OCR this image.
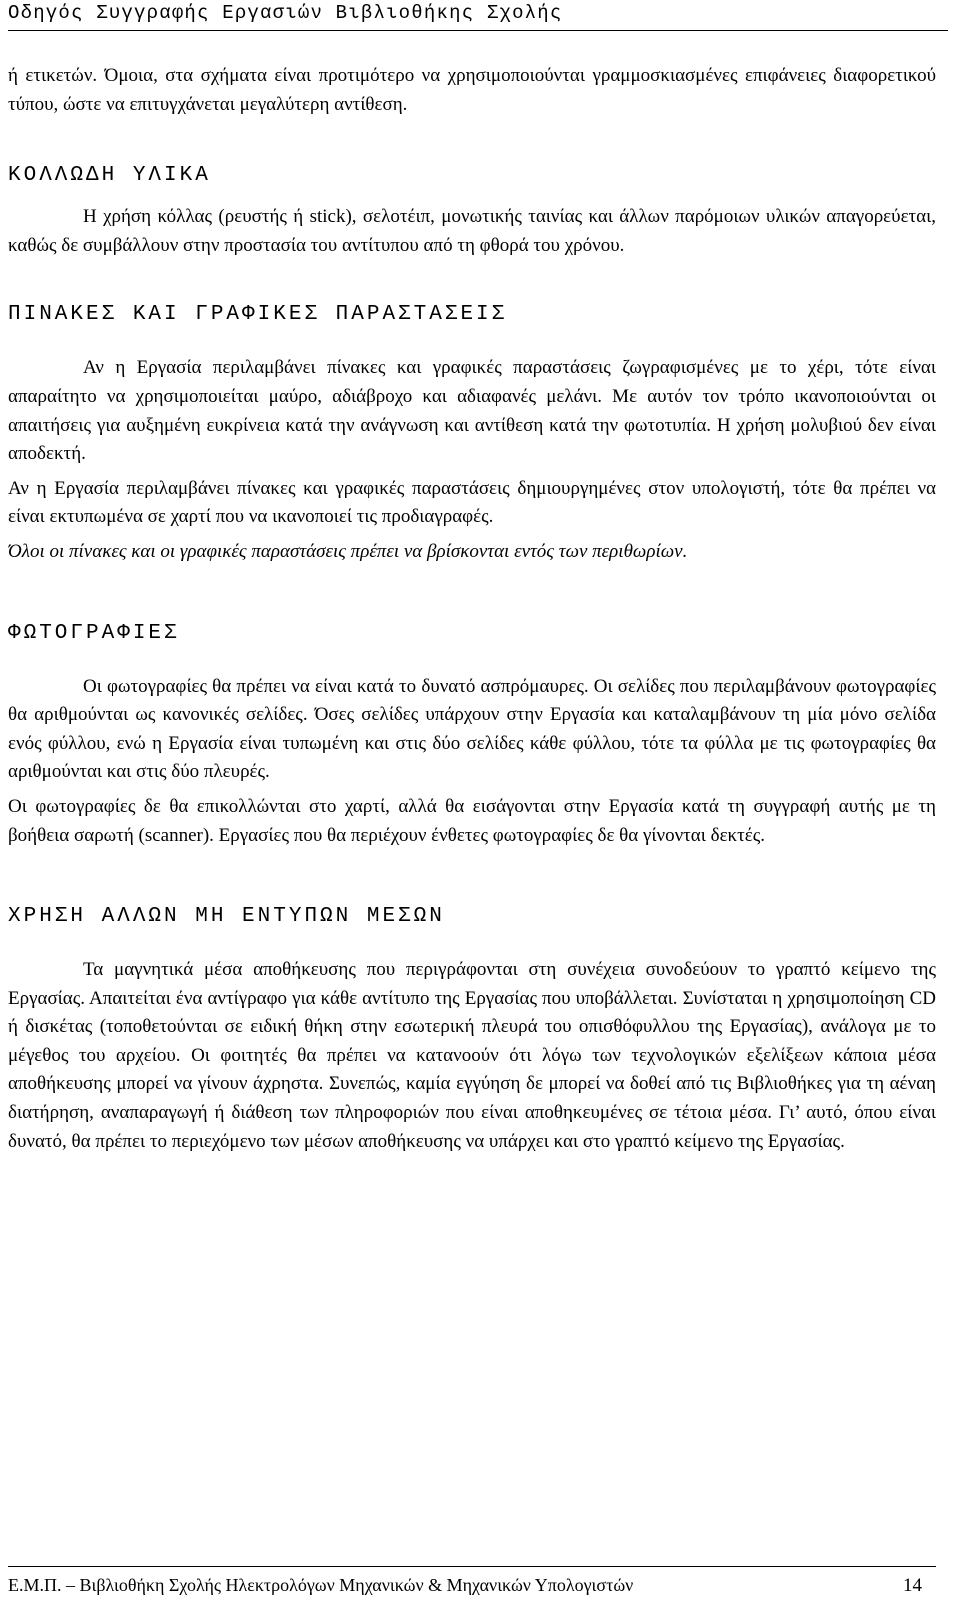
Οδηγός Συγγραφής Εργασιών Βιβλιοθήκης Σχολής

ή ετικετών. Όμοια, στα σχήματα είναι προτιμότερο να χρησιμοποιούνται γραμμοσκιασμένες επιφάνειες διαφορετικού τύπου, ώστε να επιτυγχάνεται μεγαλύτερη αντίθεση.

ΚΟΛΛΩΔΗ ΥΛΙΚΑ

Η χρήση κόλλας (ρευστής ή stick), σελοτέιπ, μονωτικής ταινίας και άλλων παρόμοιων υλικών απαγορεύεται, καθώς δε συμβάλλουν στην προστασία του αντίτυπου από τη φθορά του χρόνου.

ΠΙΝΑΚΕΣ ΚΑΙ ΓΡΑΦΙΚΕΣ ΠΑΡΑΣΤΑΣΕΙΣ

Αν η Εργασία περιλαμβάνει πίνακες και γραφικές παραστάσεις ζωγραφισμένες με το χέρι, τότε είναι απαραίτητο να χρησιμοποιείται μαύρο, αδιάβροχο και αδιαφανές μελάνι. Με αυτόν τον τρόπο ικανοποιούνται οι απαιτήσεις για αυξημένη ευκρίνεια κατά την ανάγνωση και αντίθεση κατά την φωτοτυπία. Η χρήση μολυβιού δεν είναι αποδεκτή.

Αν η Εργασία περιλαμβάνει πίνακες και γραφικές παραστάσεις δημιουργημένες στον υπολογιστή, τότε θα πρέπει να είναι εκτυπωμένα σε χαρτί που να ικανοποιεί τις προδιαγραφές.

Όλοι οι πίνακες και οι γραφικές παραστάσεις πρέπει να βρίσκονται εντός των περιθωρίων.

ΦΩΤΟΓΡΑΦΙΕΣ

Οι φωτογραφίες θα πρέπει να είναι κατά το δυνατό ασπρόμαυρες. Οι σελίδες που περιλαμβάνουν φωτογραφίες θα αριθμούνται ως κανονικές σελίδες. Όσες σελίδες υπάρχουν στην Εργασία και καταλαμβάνουν τη μία μόνο σελίδα ενός φύλλου, ενώ η Εργασία είναι τυπωμένη και στις δύο σελίδες κάθε φύλλου, τότε τα φύλλα με τις φωτογραφίες θα αριθμούνται και στις δύο πλευρές.

Οι φωτογραφίες δε θα επικολλώνται στο χαρτί, αλλά θα εισάγονται στην Εργασία κατά τη συγγραφή αυτής με τη βοήθεια σαρωτή (scanner). Εργασίες που θα περιέχουν ένθετες φωτογραφίες δε θα γίνονται δεκτές.

ΧΡΗΣΗ ΑΛΛΩΝ ΜΗ ΕΝΤΥΠΩΝ ΜΕΣΩΝ

Τα μαγνητικά μέσα αποθήκευσης που περιγράφονται στη συνέχεια συνοδεύουν το γραπτό κείμενο της Εργασίας. Απαιτείται ένα αντίγραφο για κάθε αντίτυπο της Εργασίας που υποβάλλεται. Συνίσταται η χρησιμοποίηση CD ή δισκέτας (τοποθετούνται σε ειδική θήκη στην εσωτερική πλευρά του οπισθόφυλλου της Εργασίας), ανάλογα με το μέγεθος του αρχείου. Οι φοιτητές θα πρέπει να κατανοούν ότι λόγω των τεχνολογικών εξελίξεων κάποια μέσα αποθήκευσης μπορεί να γίνουν άχρηστα. Συνεπώς, καμία εγγύηση δε μπορεί να δοθεί από τις Βιβλιοθήκες για τη αέναη διατήρηση, αναπαραγωγή ή διάθεση των πληροφοριών που είναι αποθηκευμένες σε τέτοια μέσα. Γι’ αυτό, όπου είναι δυνατό, θα πρέπει το περιεχόμενο των μέσων αποθήκευσης να υπάρχει και στο γραπτό κείμενο της Εργασίας.

Ε.Μ.Π. – Βιβλιοθήκη Σχολής Ηλεκτρολόγων Μηχανικών & Μηχανικών Υπολογιστών	14
